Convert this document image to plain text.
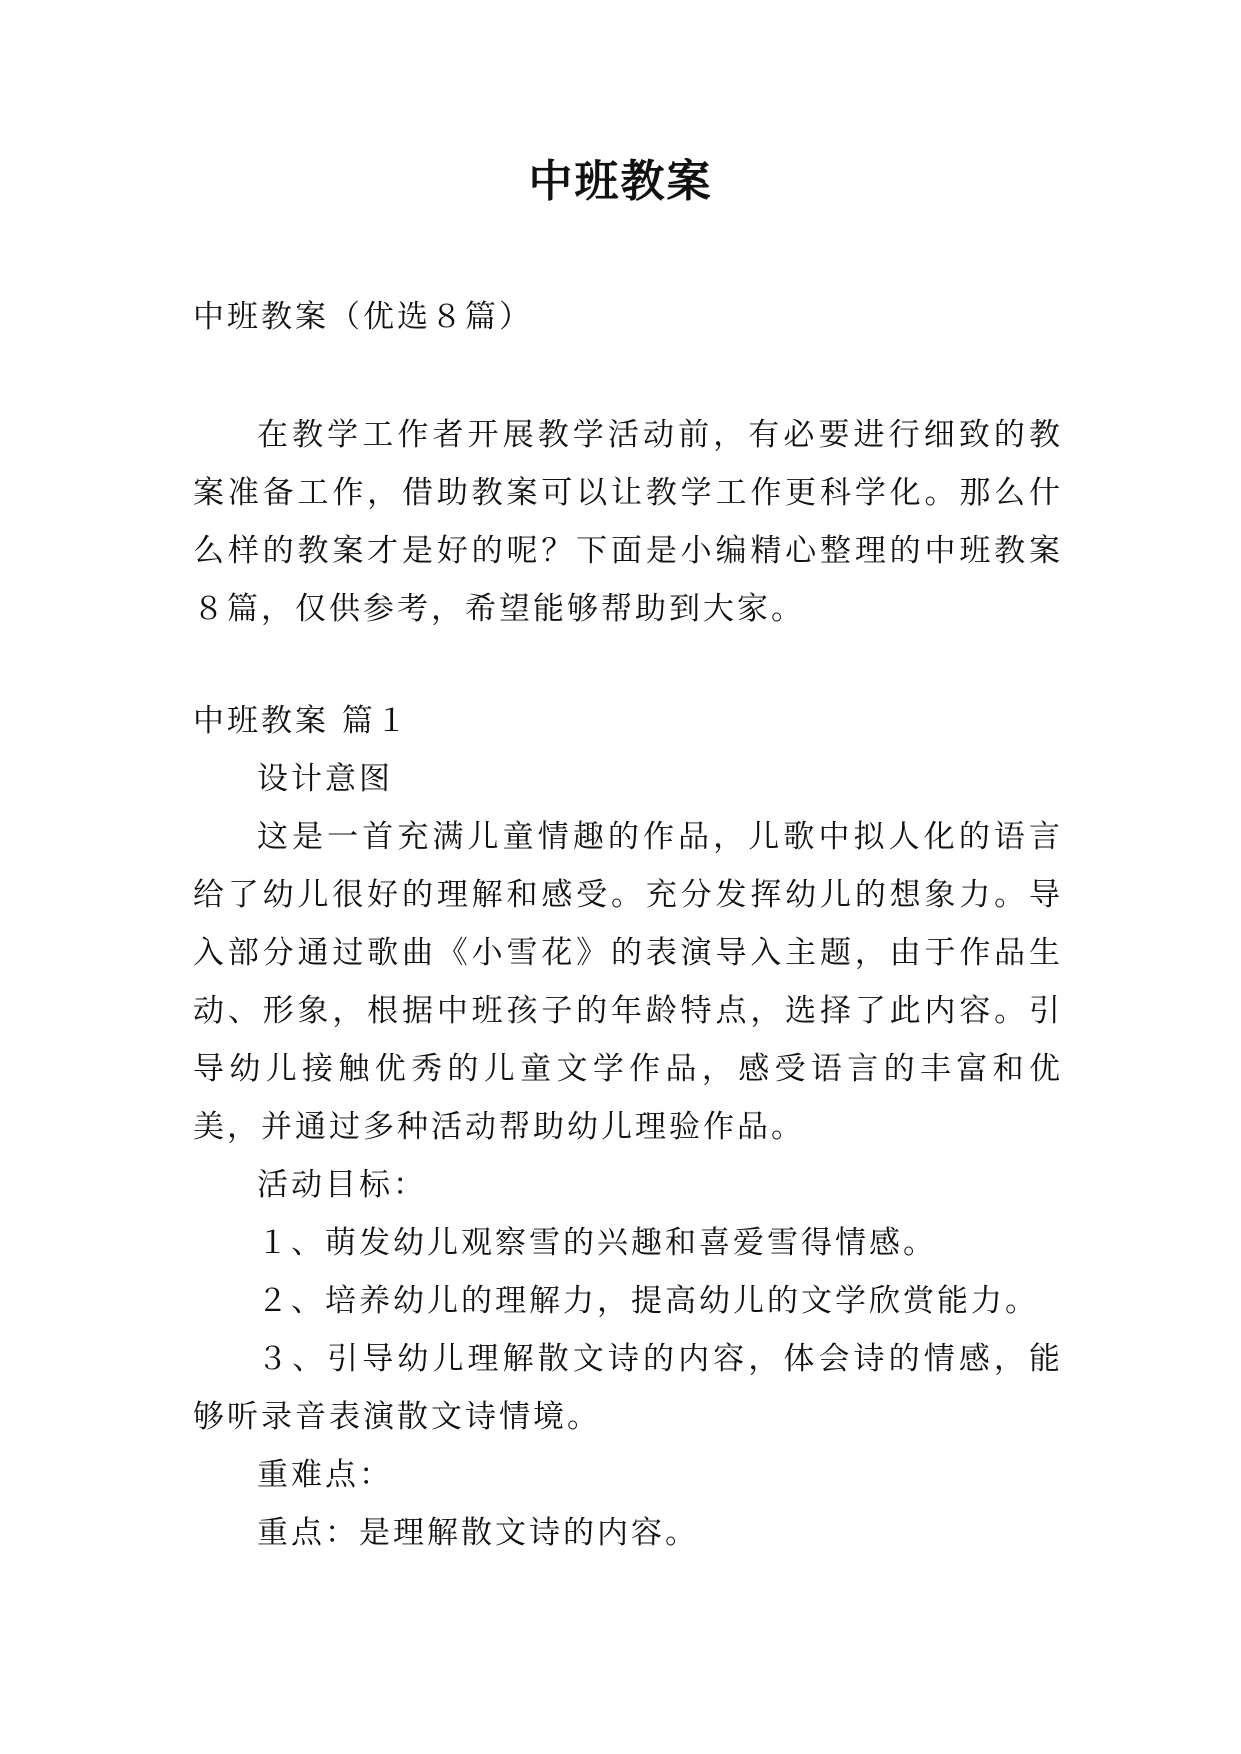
中班教案

中班教案（优选８篇）

在教学工作者开展教学活动前，有必要进行细致的教案准备工作，借助教案可以让教学工作更科学化。那么什么样的教案才是好的呢？下面是小编精心整理的中班教案８篇，仅供参考，希望能够帮助到大家。

中班教案 篇１

设计意图

这是一首充满儿童情趣的作品，儿歌中拟人化的语言给了幼儿很好的理解和感受。充分发挥幼儿的想象力。导入部分通过歌曲《小雪花》的表演导入主题，由于作品生动、形象，根据中班孩子的年龄特点，选择了此内容。引导幼儿接触优秀的儿童文学作品，感受语言的丰富和优美，并通过多种活动帮助幼儿理验作品。

活动目标：

１、萌发幼儿观察雪的兴趣和喜爱雪得情感。

２、培养幼儿的理解力，提高幼儿的文学欣赏能力。

３、引导幼儿理解散文诗的内容，体会诗的情感，能够听录音表演散文诗情境。

重难点：

重点：是理解散文诗的内容。
